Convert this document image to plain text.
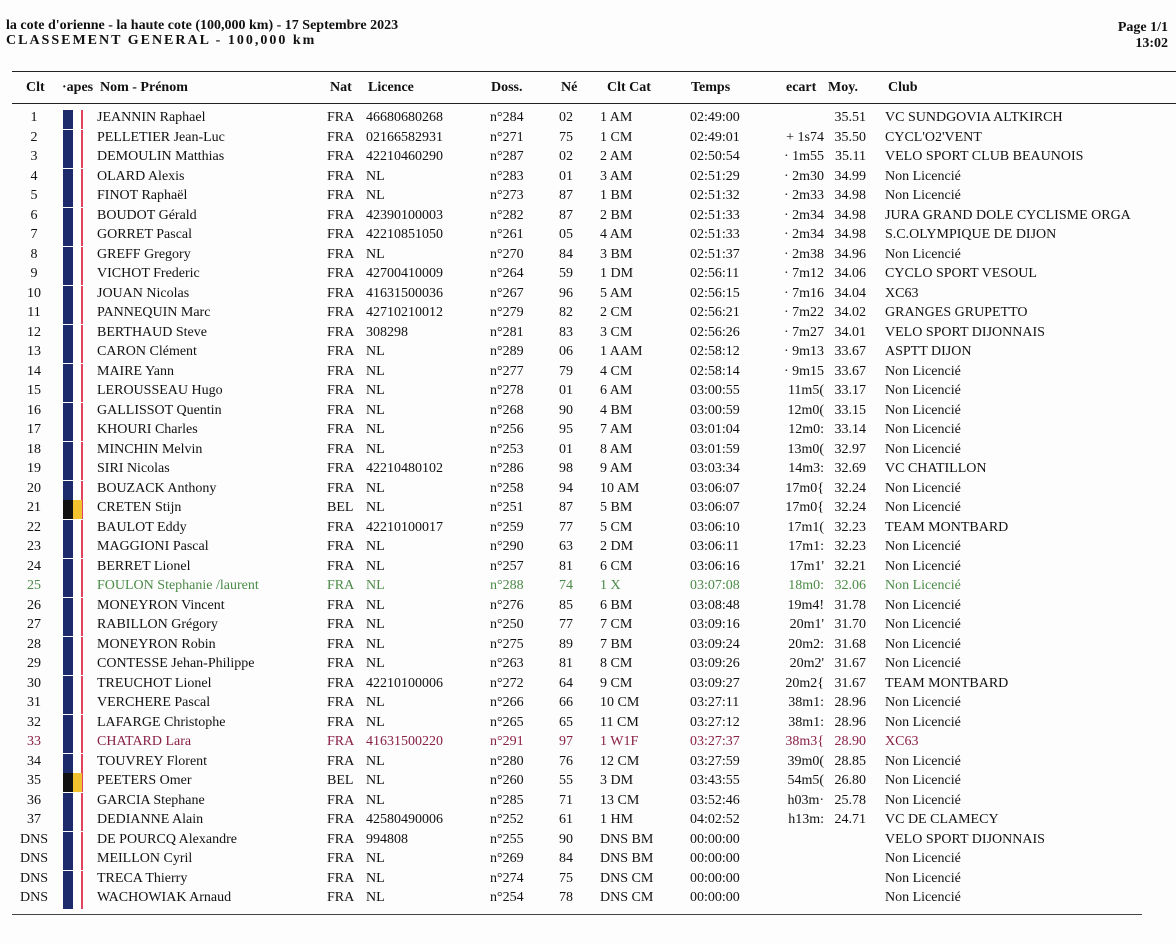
la cote d'orienne - la haute cote (100,000 km) - 17 Septembre 2023
CLASSEMENT GENERAL - 100,000 km
Page 1/1
13:02
Clt ·apes Nom - Prénom	Nat Licence	Doss.	Né Clt Cat	Temps	ecart Moy. Club
1	JEANNIN Raphael	FRA 46680680268	n°284	02	1 AM	02:49:00	35.51 VC SUNDGOVIA ALTKIRCH
2	PELLETIER Jean-Luc	FRA 02166582931	n°271	75	1 CM	02:49:01	+ 1s74 35.50 CYCL'O2'VENT
3	DEMOULIN Matthias	FRA 42210460290	n°287	02	2 AM	02:50:54	· 1m55 35.11 VELO SPORT CLUB BEAUNOIS
4	OLARD Alexis	FRA NL	n°283	01	3 AM	02:51:29	· 2m30 34.99 Non Licencié
5	FINOT Raphaël	FRA NL	n°273	87	1 BM	02:51:32	· 2m33 34.98 Non Licencié
6	BOUDOT Gérald	FRA 42390100003	n°282	87	2 BM	02:51:33	· 2m34 34.98 JURA GRAND DOLE CYCLISME ORGA
7	GORRET Pascal	FRA 42210851050	n°261	05	4 AM	02:51:33	· 2m34 34.98 S.C.OLYMPIQUE DE DIJON
8	GREFF Gregory	FRA NL	n°270	84	3 BM	02:51:37	· 2m38 34.96 Non Licencié
9	VICHOT Frederic	FRA 42700410009	n°264	59	1 DM	02:56:11	· 7m12 34.06 CYCLO SPORT VESOUL
10	JOUAN Nicolas	FRA 41631500036	n°267	96	5 AM	02:56:15	· 7m16 34.04 XC63
11	PANNEQUIN Marc	FRA 42710210012	n°279	82	2 CM	02:56:21	· 7m22 34.02 GRANGES GRUPETTO
12	BERTHAUD Steve	FRA 308298	n°281	83	3 CM	02:56:26	· 7m27 34.01 VELO SPORT DIJONNAIS
13	CARON Clément	FRA NL	n°289	06	1 AAM	02:58:12	· 9m13 33.67 ASPTT DIJON
14	MAIRE Yann	FRA NL	n°277	79	4 CM	02:58:14	· 9m15 33.67 Non Licencié
15	LEROUSSEAU Hugo	FRA NL	n°278	01	6 AM	03:00:55	11m5( 33.17 Non Licencié
16	GALLISSOT Quentin	FRA NL	n°268	90	4 BM	03:00:59	12m0( 33.15 Non Licencié
17	KHOURI Charles	FRA NL	n°256	95	7 AM	03:01:04	12m0: 33.14 Non Licencié
18	MINCHIN Melvin	FRA NL	n°253	01	8 AM	03:01:59	13m0( 32.97 Non Licencié
19	SIRI Nicolas	FRA 42210480102	n°286	98	9 AM	03:03:34	14m3: 32.69 VC CHATILLON
20	BOUZACK Anthony	FRA NL	n°258	94	10 AM	03:06:07	17m0{ 32.24 Non Licencié
21	CRETEN Stijn	BEL NL	n°251	87	5 BM	03:06:07	17m0{ 32.24 Non Licencié
22	BAULOT Eddy	FRA 42210100017	n°259	77	5 CM	03:06:10	17m1( 32.23 TEAM MONTBARD
23	MAGGIONI Pascal	FRA NL	n°290	63	2 DM	03:06:11	17m1: 32.23 Non Licencié
24	BERRET Lionel	FRA NL	n°257	81	6 CM	03:06:16	17m1' 32.21 Non Licencié
25	FOULON Stephanie /laurent	FRA NL	n°288	74	1 X	03:07:08	18m0: 32.06 Non Licencié
26	MONEYRON Vincent	FRA NL	n°276	85	6 BM	03:08:48	19m4! 31.78 Non Licencié
27	RABILLON Grégory	FRA NL	n°250	77	7 CM	03:09:16	20m1' 31.70 Non Licencié
28	MONEYRON Robin	FRA NL	n°275	89	7 BM	03:09:24	20m2: 31.68 Non Licencié
29	CONTESSE Jehan-Philippe	FRA NL	n°263	81	8 CM	03:09:26	20m2' 31.67 Non Licencié
30	TREUCHOT Lionel	FRA 42210100006	n°272	64	9 CM	03:09:27	20m2{ 31.67 TEAM MONTBARD
31	VERCHERE Pascal	FRA NL	n°266	66	10 CM	03:27:11	38m1: 28.96 Non Licencié
32	LAFARGE Christophe	FRA NL	n°265	65	11 CM	03:27:12	38m1: 28.96 Non Licencié
33	CHATARD Lara	FRA 41631500220	n°291	97	1 W1F	03:27:37	38m3{ 28.90 XC63
34	TOUVREY Florent	FRA NL	n°280	76	12 CM	03:27:59	39m0( 28.85 Non Licencié
35	PEETERS Omer	BEL NL	n°260	55	3 DM	03:43:55	54m5( 26.80 Non Licencié
36	GARCIA Stephane	FRA NL	n°285	71	13 CM	03:52:46	h03m· 25.78 Non Licencié
37	DEDIANNE Alain	FRA 42580490006	n°252	61	1 HM	04:02:52	h13m: 24.71 VC DE CLAMECY
DNS	DE POURCQ Alexandre	FRA 994808	n°255	90	DNS BM	00:00:00	VELO SPORT DIJONNAIS
DNS	MEILLON Cyril	FRA NL	n°269	84	DNS BM	00:00:00	Non Licencié
DNS	TRECA Thierry	FRA NL	n°274	75	DNS CM	00:00:00	Non Licencié
DNS	WACHOWIAK Arnaud	FRA NL	n°254	78	DNS CM	00:00:00	Non Licencié
